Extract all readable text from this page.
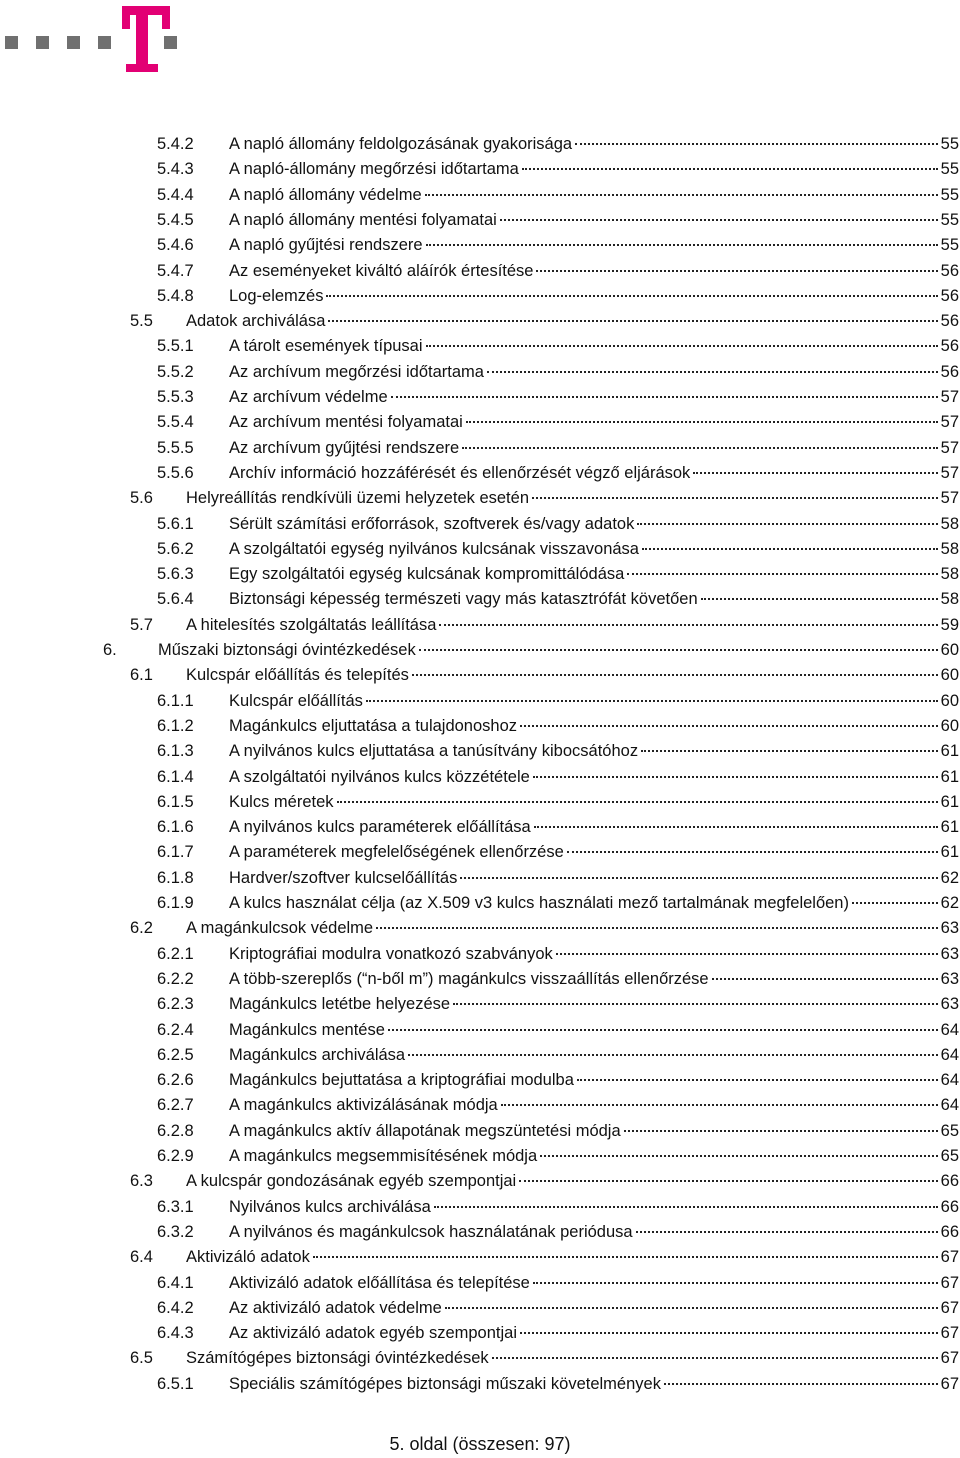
5.4.2	A napló állomány feldolgozásának gyakorisága	55
5.4.3	A napló-állomány megőrzési időtartama	55
5.4.4	A napló állomány védelme	55
5.4.5	A napló állomány mentési folyamatai	55
5.4.6	A napló gyűjtési rendszere	55
5.4.7	Az eseményeket kiváltó aláírók értesítése	56
5.4.8	Log-elemzés	56
5.5	Adatok archiválása	56
5.5.1	A tárolt események típusai	56
5.5.2	Az archívum megőrzési időtartama	56
5.5.3	Az archívum védelme	57
5.5.4	Az archívum mentési folyamatai	57
5.5.5	Az archívum gyűjtési rendszere	57
5.5.6	Archív információ hozzáférését és ellenőrzését végző eljárások	57
5.6	Helyreállítás rendkívüli üzemi helyzetek esetén	57
5.6.1	Sérült számítási erőforrások, szoftverek és/vagy adatok	58
5.6.2	A szolgáltatói egység nyilvános kulcsának visszavonása	58
5.6.3	Egy szolgáltatói egység kulcsának kompromittálódása	58
5.6.4	Biztonsági képesség természeti vagy más katasztrófát követően	58
5.7	A hitelesítés szolgáltatás leállítása	59
6.	Műszaki biztonsági óvintézkedések	60
6.1	Kulcspár előállítás és telepítés	60
6.1.1	Kulcspár előállítás	60
6.1.2	Magánkulcs eljuttatása a tulajdonoshoz	60
6.1.3	A nyilvános kulcs eljuttatása a tanúsítvány kibocsátóhoz	61
6.1.4	A szolgáltatói nyilvános kulcs közzététele	61
6.1.5	Kulcs méretek	61
6.1.6	A nyilvános kulcs paraméterek előállítása	61
6.1.7	A paraméterek megfelelőségének ellenőrzése	61
6.1.8	Hardver/szoftver kulcselőállítás	62
6.1.9	A kulcs használat célja (az X.509 v3 kulcs használati mező tartalmának megfelelően)	62
6.2	A magánkulcsok védelme	63
6.2.1	Kriptográfiai modulra vonatkozó szabványok	63
6.2.2	A több-szereplős (“n-ből m”) magánkulcs visszaállítás ellenőrzése	63
6.2.3	Magánkulcs letétbe helyezése	63
6.2.4	Magánkulcs mentése	64
6.2.5	Magánkulcs archiválása	64
6.2.6	Magánkulcs bejuttatása a kriptográfiai modulba	64
6.2.7	A magánkulcs aktivizálásának módja	64
6.2.8	A magánkulcs aktív állapotának megszüntetési módja	65
6.2.9	A magánkulcs megsemmisítésének módja	65
6.3	A kulcspár gondozásának egyéb szempontjai	66
6.3.1	Nyilvános kulcs archiválása	66
6.3.2	A nyilvános és magánkulcsok használatának periódusa	66
6.4	Aktivizáló adatok	67
6.4.1	Aktivizáló adatok előállítása és telepítése	67
6.4.2	Az aktivizáló adatok védelme	67
6.4.3	Az aktivizáló adatok egyéb szempontjai	67
6.5	Számítógépes biztonsági óvintézkedések	67
6.5.1	Speciális számítógépes biztonsági műszaki követelmények	67
5. oldal (összesen: 97)
